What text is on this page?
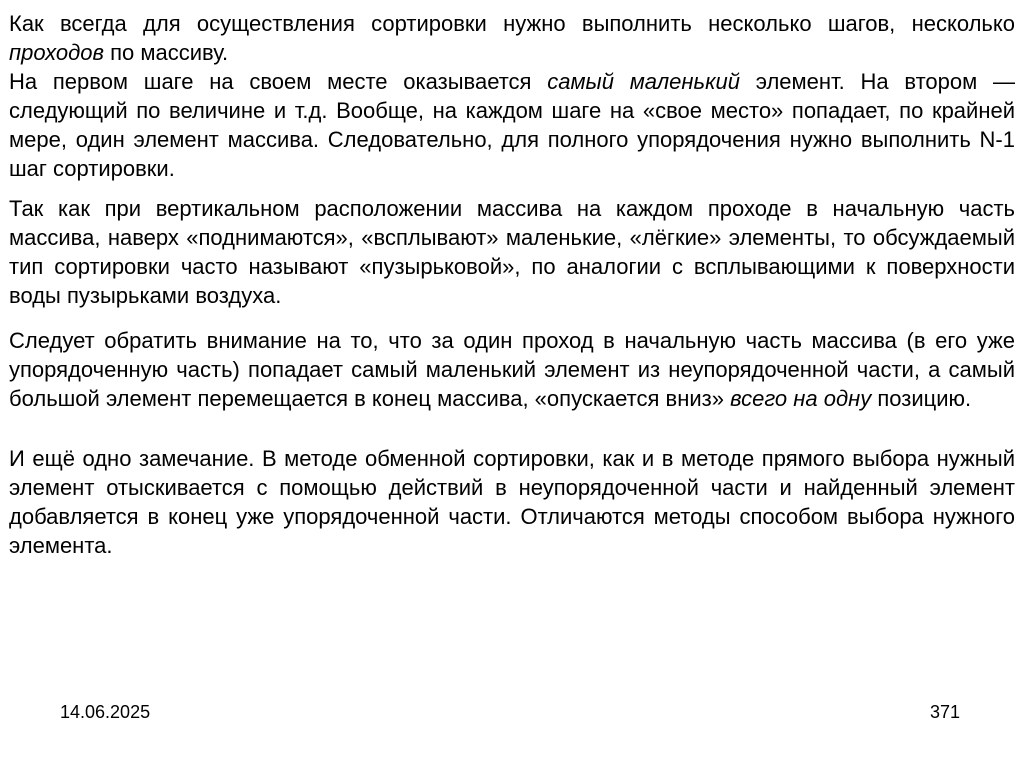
Как всегда для осуществления сортировки нужно выполнить несколько шагов, несколько проходов по массиву.
На первом шаге на своем месте оказывается самый маленький элемент. На втором — следующий по величине и т.д. Вообще, на каждом шаге на «свое место» попадает, по крайней мере, один элемент массива. Следовательно, для полного упорядочения нужно выполнить N-1 шаг сортировки.

Так как при вертикальном расположении массива на каждом проходе в начальную часть массива, наверх «поднимаются», «всплывают» маленькие, «лёгкие» элементы, то обсуждаемый тип сортировки часто называют «пузырьковой», по аналогии с всплывающими к поверхности воды пузырьками воздуха.

Следует обратить внимание на то, что за один проход в начальную часть массива (в его уже упорядоченную часть) попадает самый маленький элемент из неупорядоченной части, а самый большой элемент перемещается в конец массива, «опускается вниз» всего на одну позицию.

И ещё одно замечание. В методе обменной сортировки, как и в методе прямого выбора нужный элемент отыскивается с помощью действий в неупорядоченной части и найденный элемент добавляется в конец уже упорядоченной части. Отличаются методы способом выбора нужного элемента.

14.06.2025	371
